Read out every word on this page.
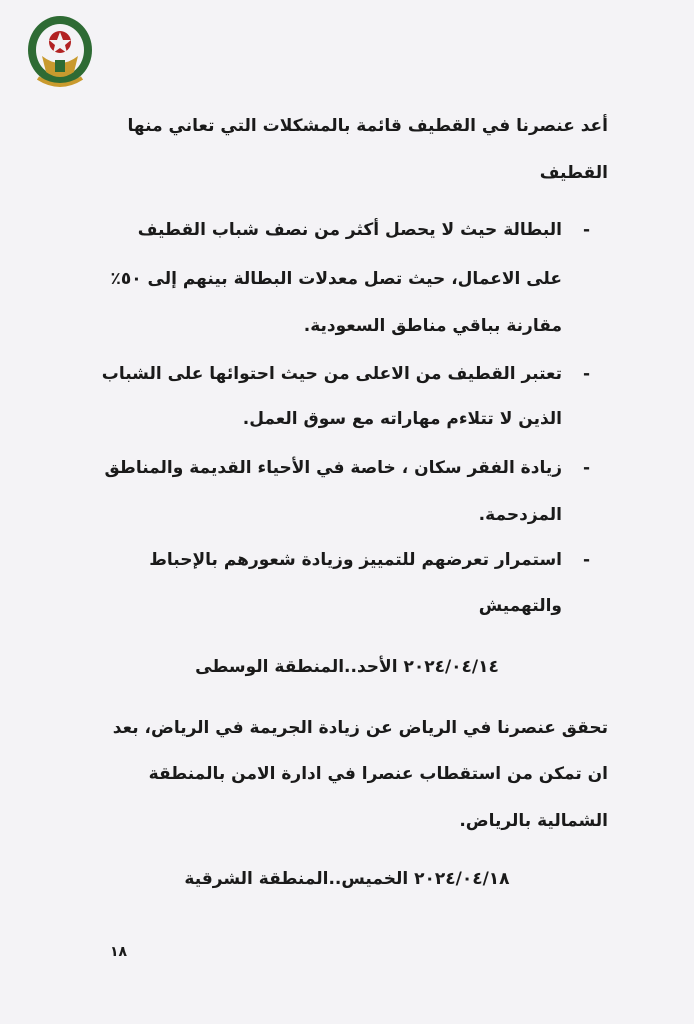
أعد عنصرنا في القطيف قائمة بالمشكلات التي تعاني منها
القطيف
-
البطالة حيث لا يحصل أكثر من نصف شباب القطيف
على الاعمال، حيث تصل معدلات البطالة بينهم إلى ٥٠٪
مقارنة بباقي مناطق السعودية.
-
تعتبر القطيف من الاعلى من حيث احتوائها على الشباب
الذين لا تتلاءم مهاراته مع سوق العمل.
-
زيادة الفقر سكان ، خاصة في الأحياء القديمة والمناطق
المزدحمة.
-
استمرار تعرضهم للتمييز وزيادة شعورهم بالإحباط
والتهميش
٢٠٢٤/٠٤/١٤ الأحد..المنطقة الوسطى
تحقق عنصرنا في الرياض عن زيادة الجريمة في الرياض، بعد
ان تمكن من استقطاب عنصرا في ادارة الامن بالمنطقة
الشمالية بالرياض.
٢٠٢٤/٠٤/١٨ الخميس..المنطقة الشرقية
١٨
